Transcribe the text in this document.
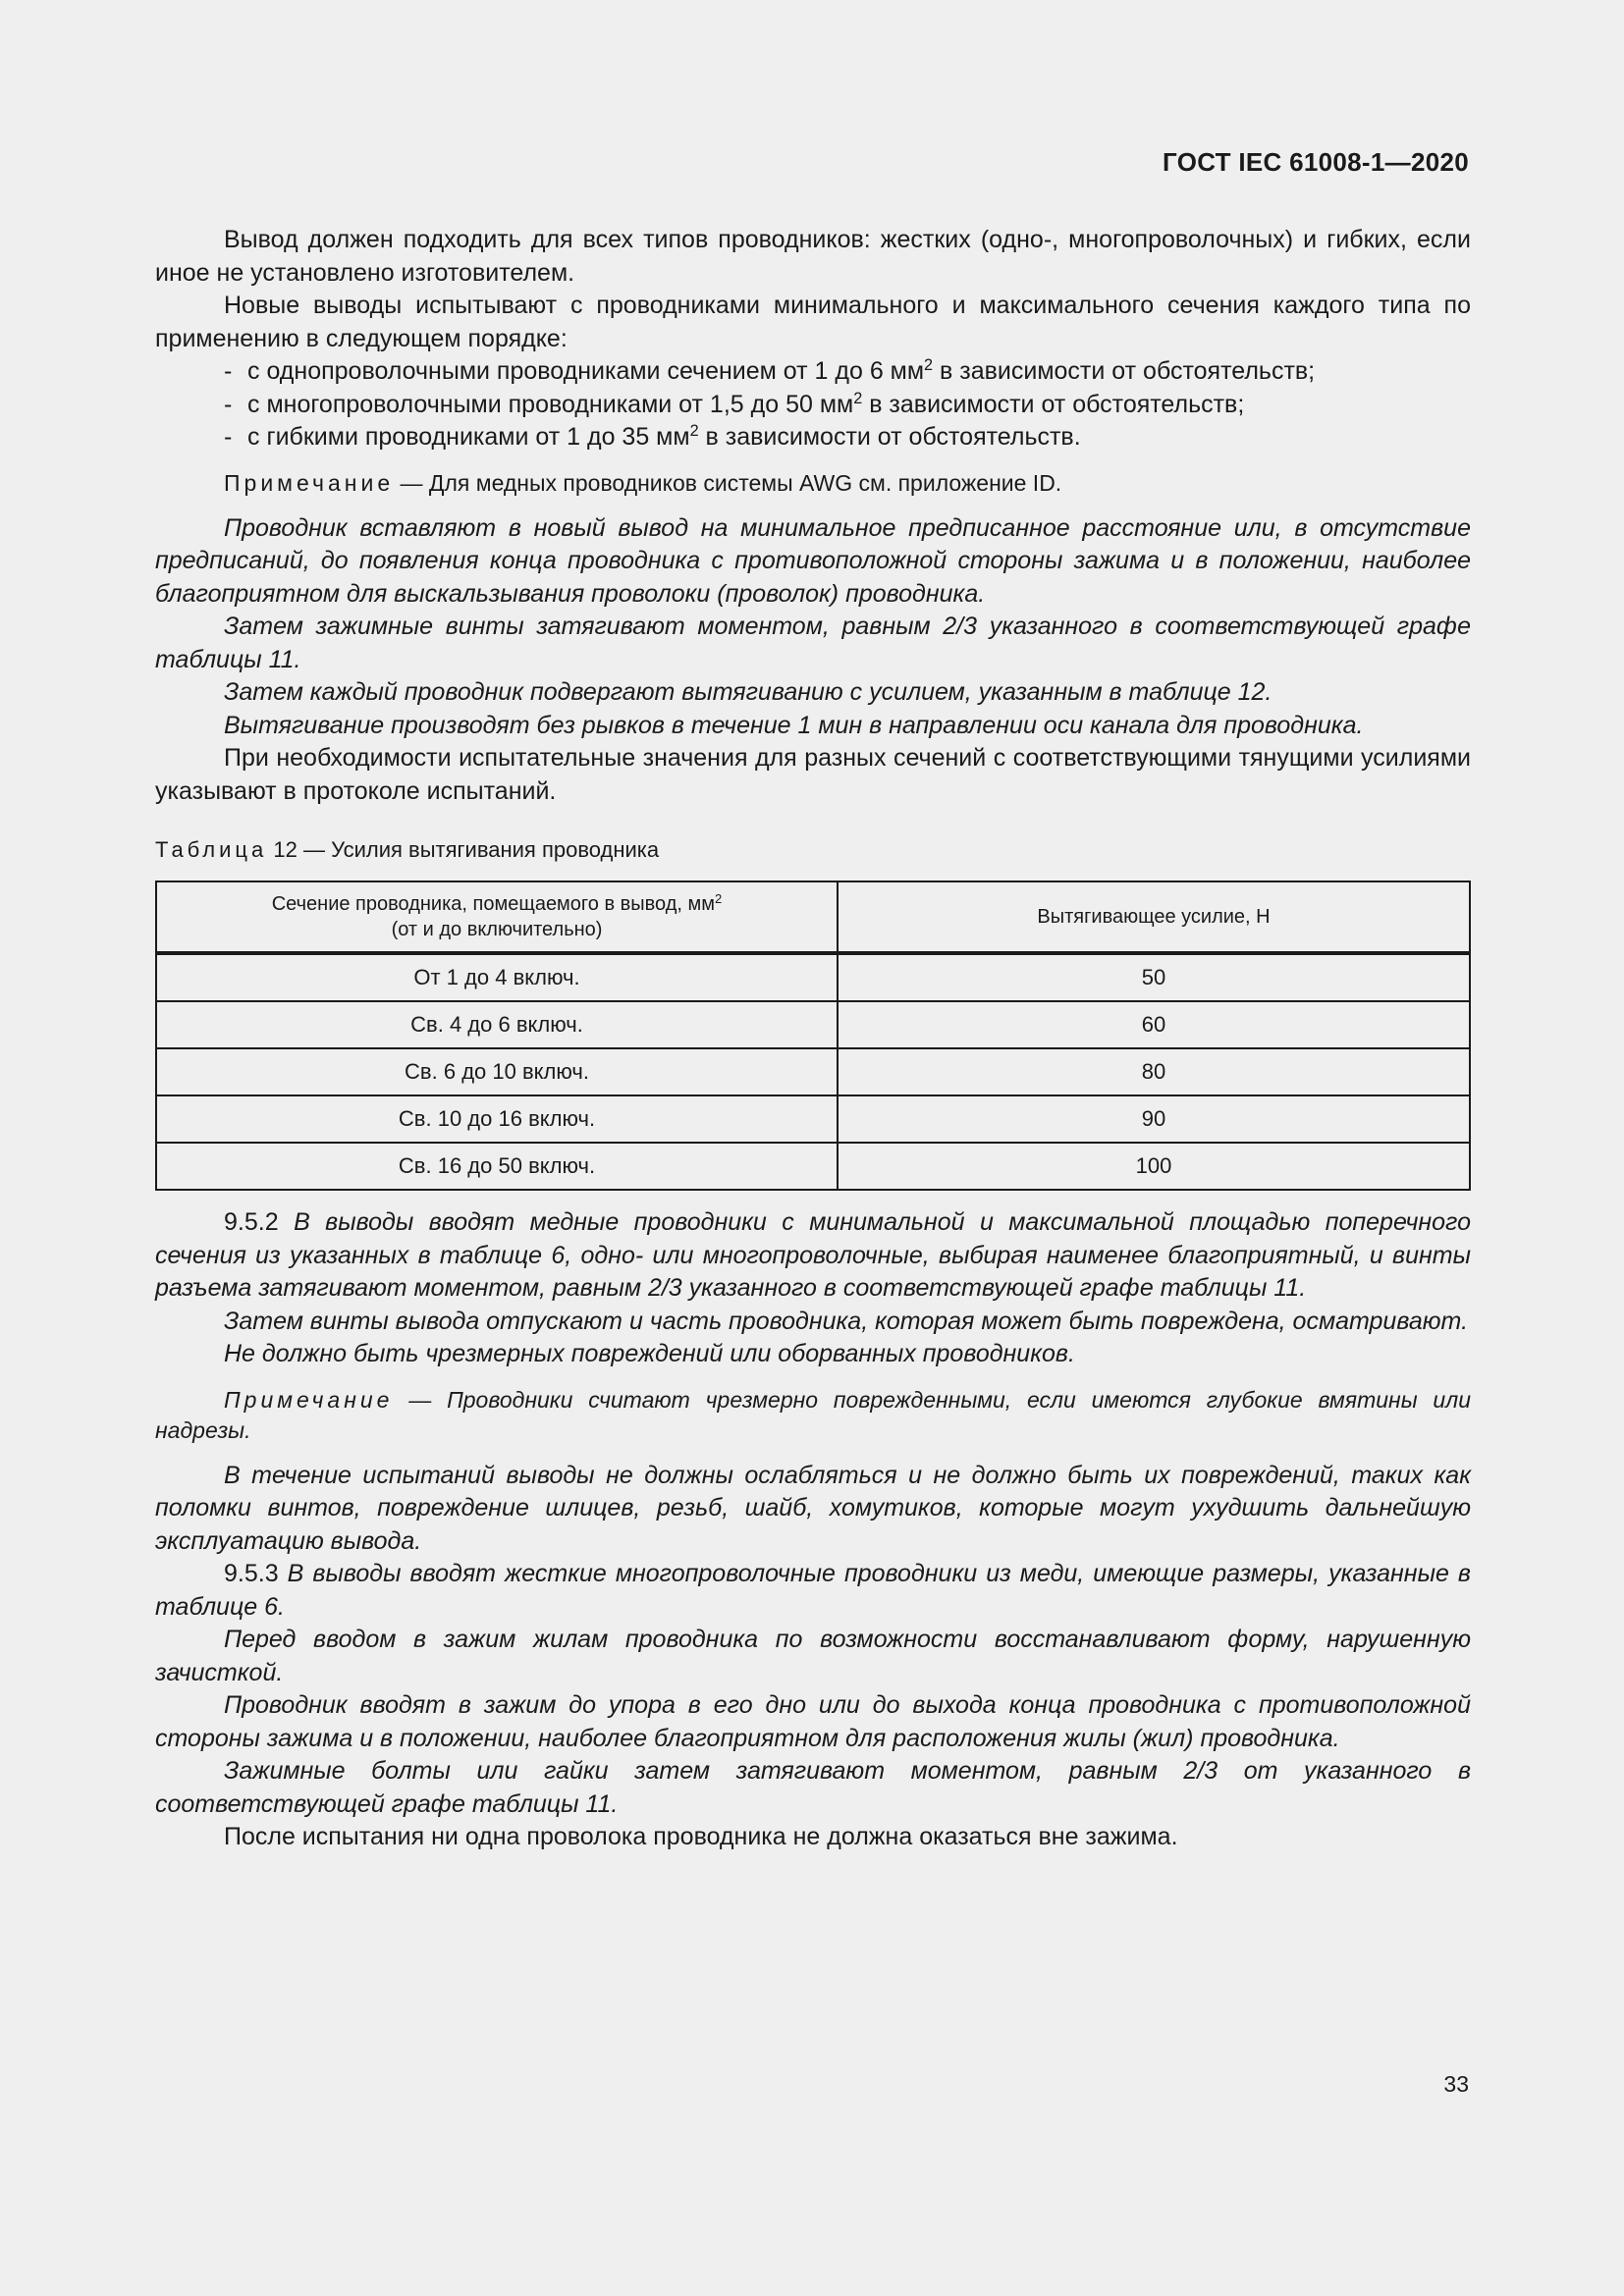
ГОСТ IEC 61008-1—2020

Вывод должен подходить для всех типов проводников: жестких (одно-, многопроволочных) и гибких, если иное не установлено изготовителем.

Новые выводы испытывают с проводниками минимального и максимального сечения каждого типа по применению в следующем порядке:

- с однопроволочными проводниками сечением от 1 до 6 $мм^2$ в зависимости от обстоятельств;

- с многопроволочными проводниками от 1,5 до 50 $мм^2$ в зависимости от обстоятельств;

- с гибкими проводниками от 1 до 35 $мм^2$ в зависимости от обстоятельств.

Примечание — Для медных проводников системы AWG см. приложение ID.

Проводник вставляют в новый вывод на минимальное предписанное расстояние или, в отсутствие предписаний, до появления конца проводника с противоположной стороны зажима и в положении, наиболее благоприятном для выскальзывания проволоки (проволок) проводника.

Затем зажимные винты затягивают моментом, равным 2/3 указанного в соответствующей графе таблицы 11.

Затем каждый проводник подвергают вытягиванию с усилием, указанным в таблице 12.

Вытягивание производят без рывков в течение 1 мин в направлении оси канала для проводника.

При необходимости испытательные значения для разных сечений с соответствующими тянущими усилиями указывают в протоколе испытаний.

Таблица 12 — Усилия вытягивания проводника

Сечение проводника, помещаемого в вывод, $мм^2$
(от и до включительно)	Вытягивающее усилие, Н
От 1 до 4 включ.	50
Св. 4 до 6 включ.	60
Св. 6 до 10 включ.	80
Св. 10 до 16 включ.	90
Св. 16 до 50 включ.	100

9.5.2 В выводы вводят медные проводники с минимальной и максимальной площадью поперечного сечения из указанных в таблице 6, одно- или многопроволочные, выбирая наименее благоприятный, и винты разъема затягивают моментом, равным 2/3 указанного в соответствующей графе таблицы 11.

Затем винты вывода отпускают и часть проводника, которая может быть повреждена, осматривают.

Не должно быть чрезмерных повреждений или оборванных проводников.

Примечание — Проводники считают чрезмерно поврежденными, если имеются глубокие вмятины или надрезы.

В течение испытаний выводы не должны ослабляться и не должно быть их повреждений, таких как поломки винтов, повреждение шлицев, резьб, шайб, хомутиков, которые могут ухудшить дальнейшую эксплуатацию вывода.

9.5.3 В выводы вводят жесткие многопроволочные проводники из меди, имеющие размеры, указанные в таблице 6.

Перед вводом в зажим жилам проводника по возможности восстанавливают форму, нарушенную зачисткой.

Проводник вводят в зажим до упора в его дно или до выхода конца проводника с противоположной стороны зажима и в положении, наиболее благоприятном для расположения жилы (жил) проводника.

Зажимные болты или гайки затем затягивают моментом, равным 2/3 от указанного в соответствующей графе таблицы 11.

После испытания ни одна проволока проводника не должна оказаться вне зажима.

33
